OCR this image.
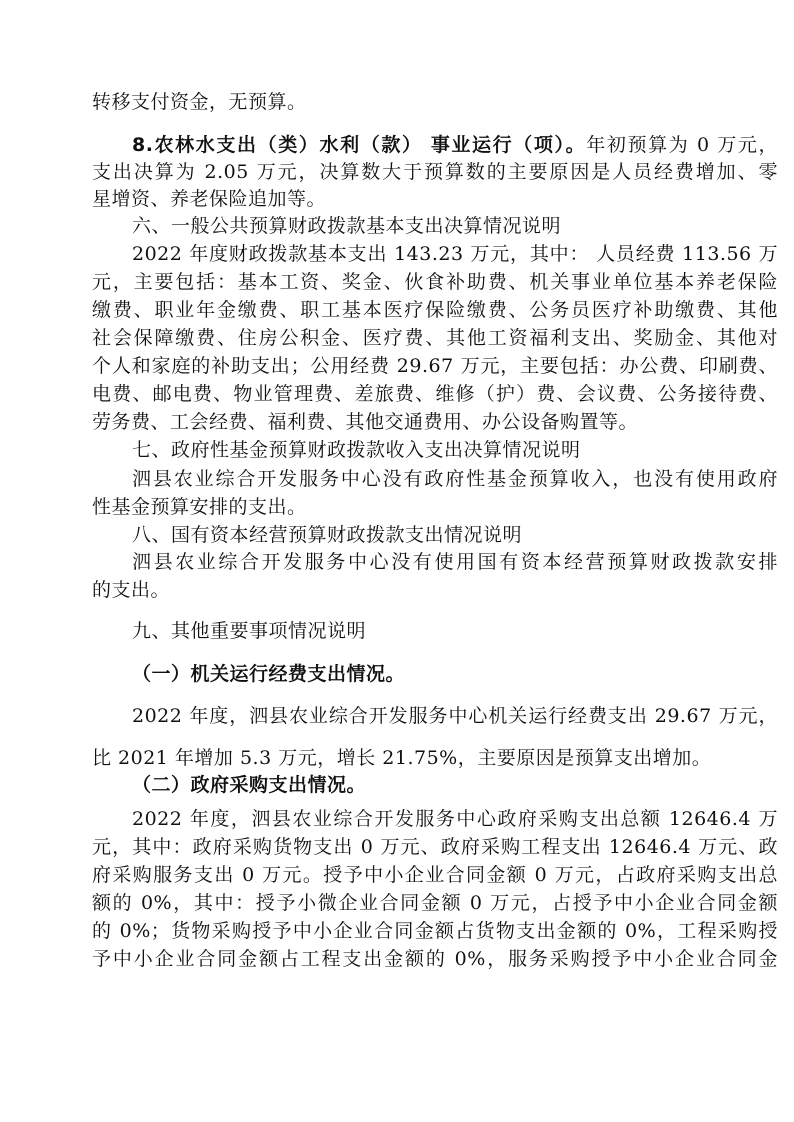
转移支付资金，无预算。
8.农林水支出（类）水利（款） 事业运行（项）。年初预算为 0 万元，
支出决算为 2.05 万元，决算数大于预算数的主要原因是人员经费增加、零
星增资、养老保险追加等。
六、一般公共预算财政拨款基本支出决算情况说明
2022 年度财政拨款基本支出 143.23 万元，其中： 人员经费 113.56 万
元，主要包括：基本工资、奖金、伙食补助费、机关事业单位基本养老保险
缴费、职业年金缴费、职工基本医疗保险缴费、公务员医疗补助缴费、其他
社会保障缴费、住房公积金、医疗费、其他工资福利支出、奖励金、其他对
个人和家庭的补助支出；公用经费 29.67 万元，主要包括：办公费、印刷费、
电费、邮电费、物业管理费、差旅费、维修（护）费、会议费、公务接待费、
劳务费、工会经费、福利费、其他交通费用、办公设备购置等。
七、政府性基金预算财政拨款收入支出决算情况说明
泗县农业综合开发服务中心没有政府性基金预算收入，也没有使用政府
性基金预算安排的支出。
八、国有资本经营预算财政拨款支出情况说明
泗县农业综合开发服务中心没有使用国有资本经营预算财政拨款安排
的支出。
九、其他重要事项情况说明
（一）机关运行经费支出情况。
2022 年度，泗县农业综合开发服务中心机关运行经费支出 29.67 万元，
比 2021 年增加 5.3 万元，增长 21.75%，主要原因是预算支出增加。
（二）政府采购支出情况。
2022 年度，泗县农业综合开发服务中心政府采购支出总额 12646.4 万
元，其中：政府采购货物支出 0 万元、政府采购工程支出 12646.4 万元、政
府采购服务支出 0 万元。授予中小企业合同金额 0 万元，占政府采购支出总
额的 0%，其中：授予小微企业合同金额 0 万元，占授予中小企业合同金额
的 0%；货物采购授予中小企业合同金额占货物支出金额的 0%，工程采购授
予中小企业合同金额占工程支出金额的 0%，服务采购授予中小企业合同金
